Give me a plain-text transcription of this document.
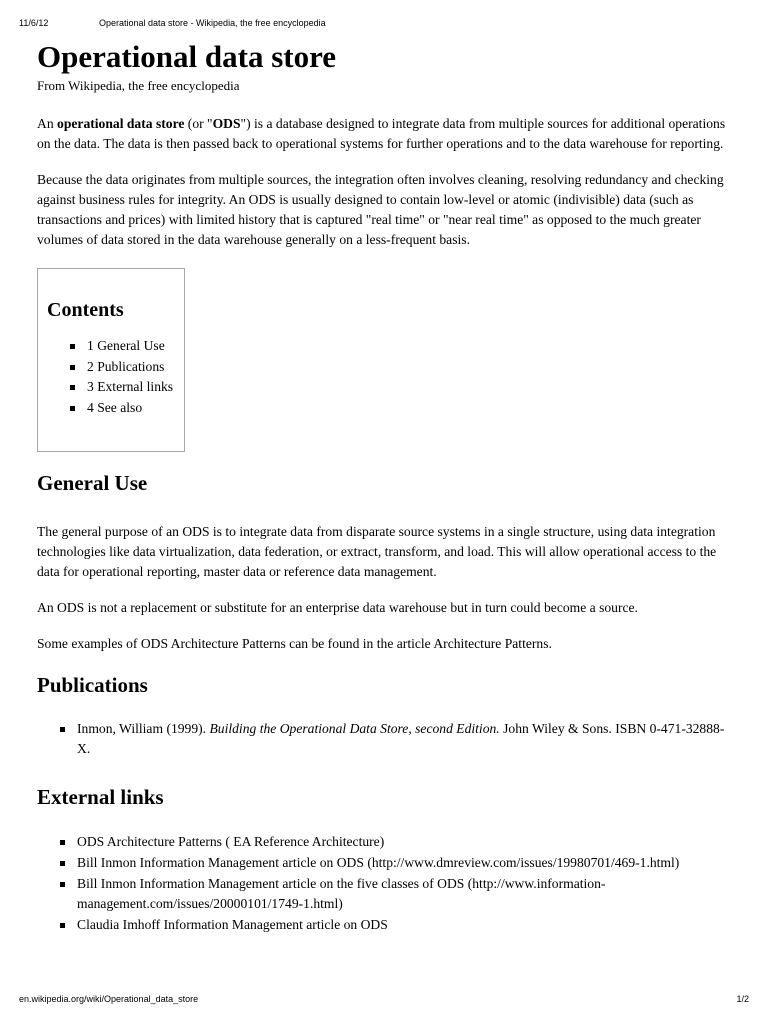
11/6/12	Operational data store - Wikipedia, the free encyclopedia
Operational data store
From Wikipedia, the free encyclopedia

An operational data store (or "ODS") is a database designed to integrate data from multiple sources for additional operations on the data. The data is then passed back to operational systems for further operations and to the data warehouse for reporting.

Because the data originates from multiple sources, the integration often involves cleaning, resolving redundancy and checking against business rules for integrity. An ODS is usually designed to contain low-level or atomic (indivisible) data (such as transactions and prices) with limited history that is captured "real time" or "near real time" as opposed to the much greater volumes of data stored in the data warehouse generally on a less-frequent basis.

Contents
1 General Use
2 Publications
3 External links
4 See also
General Use

The general purpose of an ODS is to integrate data from disparate source systems in a single structure, using data integration technologies like data virtualization, data federation, or extract, transform, and load. This will allow operational access to the data for operational reporting, master data or reference data management.

An ODS is not a replacement or substitute for an enterprise data warehouse but in turn could become a source.

Some examples of ODS Architecture Patterns can be found in the article Architecture Patterns.

Publications
Inmon, William (1999). Building the Operational Data Store, second Edition. John Wiley & Sons. ISBN 0-471-32888-X.
External links
ODS Architecture Patterns ( EA Reference Architecture)
Bill Inmon Information Management article on ODS (http://www.dmreview.com/issues/19980701/469-1.html)
Bill Inmon Information Management article on the five classes of ODS (http://www.information-management.com/issues/20000101/1749-1.html)
Claudia Imhoff Information Management article on ODS
en.wikipedia.org/wiki/Operational_data_store	1/2
